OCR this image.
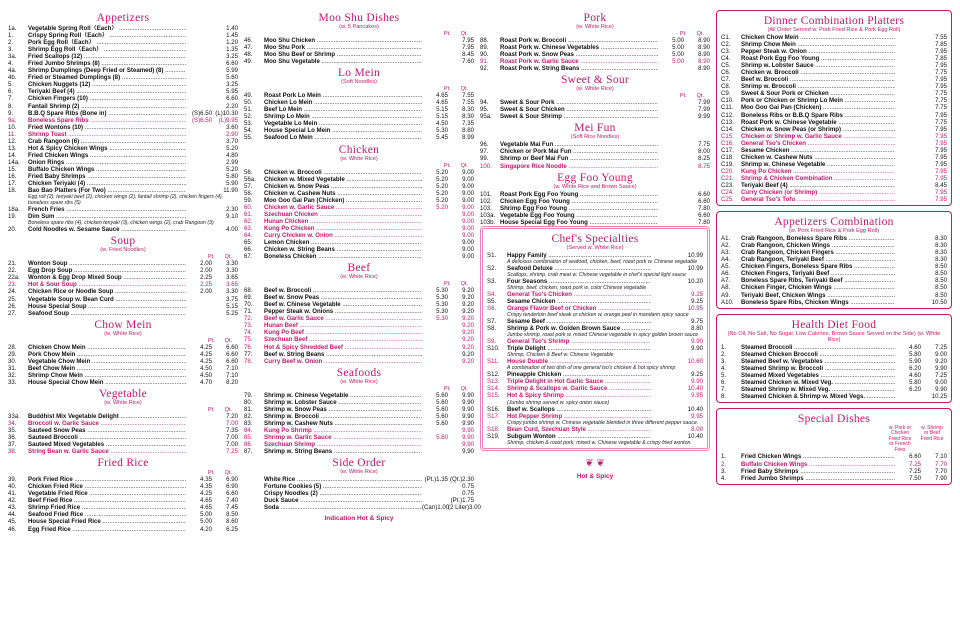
Appetizers
1a.	Vegetable Spring Roll（Each） .....	1.40
1.	Crispy Spring Roll（Each） .....	1.45
2.	Pork Egg Roll（Each） .....	1.20
3.	Shrimp Egg Roll（Each） .....	1.35
3a.	Fried Scallops (12) .....	3.25
4.	Fried Jumbo Shrimps (8) .....	6.60
4a.	Shrimp Dumplings (Deep Fried or Steamed) (8) .....	5.99
4b.	Fried or Steamed Dumplings (8) .....	5.60
5.	Chicken Nuggets (12) .....	3.25
6.	Teriyaki Beef (4) .....	5.95
7.	Chicken Fingers (10) .....	6.60
8.	Fantail Shrimp (2) .....	2.20
9.	B.B.Q Spare Ribs (Bone in) .....	(S)6.50 (L)10.30
9a.	Boneless Spare Ribs .....	(S)6.50	(L)9.95
10.	Fried Wontons (10) .....	3.60
11.	Shrimp Toast .....	2.90
12.	Crab Rangoon (6) .....	3.70
13.	Hot & Spicy Chicken Wings .....	5.20
14.	Fried Chicken Wings .....	4.80
14a.	Onion Rings .....	2.99
15.	Buffalo Chicken Wings .....	5.20
16.	Fried Baby Shrimps .....	5.80
17.	Chicken Teriyaki (4) .....	5.90
18.	Bao Bao Platters (For Two) .....	11.90
Egg roll (2), teriyaki beef (2), chicken wings (2), fantail shrimp (2), chicken fingers (4), boneless spare ribs (5)
18a.	French Fries .....	2.30
19.	Dim Sum .....	9.10
Boneless spare ribs (4), chicken teriyaki (3), chicken wings (2), crab Rangoon (3)
20.	Cold Noodles w. Sesame Sauce .....	4.00
Soup
(w. Fried Noodles)
Pt. Qt.
21.	Wonton Soup .....	2.00	3.30
22.	Egg Drop Soup .....	2.00	3.30
22a.	Wonton & Egg Drop Mixed Soup .....	2.25	3.65
23.	Hot & Sour Soup .....	2.25	3.65
24.	Chicken Rice or Noodle Soup .....	2.00	3.30
25.	Vegetable Soup w. Bean Curd .....	3.75
26.	House Special Soup .....	5.15
27.	Seafood Soup .....	5.25
Chow Mein
(w. White Rice)
Pt. Qt.
28.	Chicken Chow Mein .....	4.25	6.60
29.	Pork Chow Mein .....	4.25	6.60
30.	Vegetable Chow Mein .....	4.25	6.60
31.	Beef Chow Mein .....	4.50	7.10
32.	Shrimp Chow Mein .....	4.50	7.10
33.	House Special Chow Mein .....	4.70	8.20
Vegetable
(w. White Rice)
Pt. Qt.
33a.	Buddhist Mix Vegetable Delight .....	7.20
34.	Broccoli w. Garlic Sauce .....	7.00
35.	Sauteed Snow Peas .....	7.35
36.	Sauteed Broccoli .....	7.00
37.	Sauteed Mixed Vegetables .....	7.00
38.	String Bean w. Garlic Sauce .....	7.25
Fried Rice
Pt. Qt.
39.	Pork Fried Rice .....	4.35	6.90
40.	Chicken Fried Rice .....	4.35	6.90
41.	Vegetable Fried Rice .....	4.25	6.60
42.	Beef Fried Rice .....	4.65	7.40
43.	Shrimp Fried Rice .....	4.65	7.45
44.	Seafood Fried Rice .....	5.00	8.50
45.	House Special Fried Rice .....	5.00	8.60
46.	Egg Fried Rice .....	4.20	6.25
Moo Shu Dishes
(w. 5 Pancakes)
Pt. Qt.
46.	Moo Shu Chicken .....	7.95
47.	Moo Shu Pork .....	7.95
48.	Moo Shu Beef or Shrimp .....	8.45
49.	Moo Shu Vegetable .....	7.60
Lo Mein
(Soft Noodles)
Pt. Qt.
49.	Roast Pork Lo Mein .....	4.65	7.55
50.	Chicken Lo Mein .....	4.65	7.55
51.	Beef Lo Mein .....	5.15	8.30
52.	Shrimp Lo Mein .....	5.15	8.30
53.	Vegetable Lo Mein .....	4.50	7.35
54.	House Special Lo Mein .....	5.30	8.80
55.	Seafood Lo Mein .....	5.45	8.99
Chicken
(w. White Rice)
Pt. Qt.
56.	Chicken w. Broccoli .....	5.20	9.00
56a.	Chicken w. Mixed Vegetable .....	5.20	9.00
57.	Chicken w. Snow Peas .....	5.20	9.00
58.	Chicken w. Cashew Nuts .....	5.20	9.00
59.	Moo Goo Gai Pan (Chicken) .....	5.20	9.00
60.	Chicken w. Garlic Sauce .....	5.20	9.00
61.	Szechuan Chicken .....	9.00
62.	Hunan Chicken .....	9.00
63.	Kung Po Chicken .....	9.00
64.	Curry Chicken w. Onion .....	9.00
65.	Lemon Chicken .....	9.00
66.	Chicken w. String Beans .....	9.00
67.	Boneless Chicken .....	9.00
Beef
(w. White Rice)
Pt. Qt.
68.	Beef w. Broccoli .....	5.30	9.20
69.	Beef w. Snow Peas .....	5.30	9.20
70.	Beef w. Chinese Vegetable .....	5.30	9.20
71.	Pepper Steak w. Onions .....	5.30	9.20
72.	Beef w. Garlic Sauce .....	5.30	9.20
73.	Hunan Beef .....	9.20
74.	Kung Po Beef .....	9.20
75.	Szechuan Beef .....	9.20
76.	Hot & Spicy Shredded Beef .....	9.20
77.	Beef w. String Beans .....	9.20
78.	Curry Beef w. Onion .....	9.20
Seafoods
(w. White Rice)
Pt. Qt.
79.	Shrimp w. Chinese Vegetable .....	5.60	9.90
80.	Shrimp w. Lobster Sauce .....	5.60	9.90
81.	Shrimp w. Snow Peas .....	5.60	9.90
82.	Shrimp w. Broccoli .....	5.60	9.90
83.	Shrimp w. Cashew Nuts .....	5.60	9.90
84.	Kung Po Shrimp .....	9.90
85.	Shrimp w. Garlic Sauce .....	5.60	9.90
86.	Szechuan Shrimp .....	9.90
87.	Shrimp w. String Beans .....	9.90
Side Order
(w. White Rice)
White Rice .....	(Pt.)1.35 (Qt.)2.30
Fortune Cookies (5) .....	0.75
Crispy Noodles (2) .....	0.75
Duck Sauce .....	(Pt.)1.75
Soda .....	(Can)1.00
(2 Liter)3.00
Indication Hot & Spicy
Pork
(w. White Rice)
Pt. Qt.
88.	Roast Pork w. Broccoli .....	5.00	8.90
89.	Roast Pork w. Chinese Vegetables .....	5.00	8.90
90.	Roast Pork w. Snow Peas .....	5.00	8.90
91.	Roast Pork w. Garlic Sauce .....	5.00	8.90
92.	Roast Pork w. String Beans .....	8.90
Sweet & Sour
(w. White Rice)
Pt. Qt.
94.	Sweet & Sour Pork .....	7.99
95.	Sweet & Sour Chicken .....	7.99
95a.	Sweet & Sour Shrimp .....	9.99
Mei Fun
(Soft Rice Noodles)
96.	Vegetable Mai Fun .....	7.75
97.	Chicken or Pork Mai Fun .....	8.00
99.	Shrimp or Beef Mai Fun .....	8.25
100.	Singapore Rice Noodle .....	8.75
Egg Foo Young
(w. White Rice and Brown Sauce)
101.	Roast Pork Egg Foo Young .....	6.60
102.	Chicken Egg Foo Young .....	6.60
103.	Shrimp Egg Foo Young .....	7.80
103a. Vegetable Egg Foo Young .....	6.60
103b. House Special Egg Foo Young .....	7.80
Chef's Specialties
(Served w. White Rice)
S1.	Happy Family .....	10.99
A delicious combination of seafood, chicken, beef, roast pork w. Chinese vegetable
S2.	Seafood Deluxe .....	10.99
Scallops, shrimp, crab meat w. Chinese vegetable in chef's special light sauce
S3.	Four Seasons .....	10.20
Shrimp, beef, chicken, roast pork w. color Chinese vegetable
S4.	General Tso's Chicken .....	9.25
S5.	Sesame Chicken .....	9.25
S6.	Orange Flavor Beef or Chicken .....	10.95
Crispy tenderloin beef steak or chicken w. orange peel in mandarin spicy sauce
S7.	Sesame Beef .....	9.75
S8.	Shrimp & Pork w. Golden Brown Sauce .....	8.80
Jumbo shrimp, roast pork w. mixed Chinese vegetable in spicy golden brown sauce
S9.	General Tso's Shrimp .....	9.90
S10.	Triple Delight .....	9.90
Shrimp, Chicken & Beef w. Chinese Vegetable
S11.	House Double .....	10.60
A combination of two dish of one general tso's chicken & hot spicy shrimp
S12.	Pineapple Chicken .....	9.25
S13.	Triple Delight in Hot Garlic Sauce .....	9.90
S14.	Shrimp & Scallops w. Garlic Sauce .....	10.40
S15.	Hot & Spicy Shrimp .....	9.95
(Jumbo shrimp served w. spicy onion sauce)
S16.	Beef w. Scallops .....	10.40
S17.	Hot Pepper Shrimp .....	9.95
Crispy jumbo shrimp w. Chinese vegetable blended in three different pepper sauce.
S18.	Bean Curd, Szechuan Style .....	8.00
S19.	Subgum Wonton .....	10.40
Shrimp, chicken & roast pork, mixed w. Chinese vegetable & crispy fried wonton.
❦ ❦
Hot & Spicy
Dinner Combination Platters
(All Order Served w. Pork Fried Rice & Pork Egg Roll)
C1.	Chicken Chow Mein .....	7.55
C2.	Shrimp Chow Mein .....	7.85
C3.	Pepper Steak w. Onion .....	7.95
C4.	Roast Pork Egg Foo Young .....	7.85
C5.	Shrimp w. Lobster Sauce .....	7.95
C6.	Chicken w. Broccoli .....	7.75
C7.	Beef w. Broccoli .....	7.95
C8.	Shrimp w. Broccoli .....	7.95
C9.	Sweet & Sour Pork or Chicken .....	7.75
C10.	Pork or Chicken or Shrimp Lo Mein .....	7.75
C11.	Moo Goo Gai Pan (Chicken) .....	7.75
C12.	Boneless Ribs or B.B.Q Spare Ribs .....	7.95
C13.	Roast Pork w. Chinese Vegetable .....	7.75
C14.	Chicken w. Snow Peas (or Shrimp) .....	7.95
C15.	Chicken or Shrimp w. Garlic Sauce .....	7.95
C16.	General Tso's Chicken .....	7.95
C17.	Sesame Chicken .....	7.95
C18.	Chicken w. Cashew Nuts .....	7.95
C19.	Shrimp w. Chinese Vegetable .....	7.95
C20.	Kung Po Chicken .....	7.95
C21.	Shrimp & Chicken Combination .....	7.95
C23.	Teriyaki Beef (4) .....	8.45
C24.	Curry Chicken (or Shrimp) .....	7.95
C25.	General Tso's Tofu .....	7.95
Appetizers Combination
(w. Pork Fried Rice & Pork Egg Roll)
A1.	Crab Rangoon, Boneless Spare Ribs .....	8.30
A2.	Crab Rangoon, Chicken Wings .....	8.30
A3.	Crab Rangoon, Chicken Fingers .....	8.30
A4.	Crab Rangoon, Teriyaki Beef .....	8.30
A5.	Chicken Fingers, Boneless Spare Ribs .....	8.50
A6.	Chicken Fingers, Teriyaki Beef .....	8.50
A7.	Boneless Spare Ribs, Teriyaki Beef .....	8.50
A8.	Chicken Finger, Chicken Wings .....	8.50
A9.	Teriyaki Beef, Chicken Wings .....	8.50
A10.	Boneless Spare Ribs, Chicken Wings .....	10.50
Health Diet Food
(No Oil, No Salt, No Sugar, Low Calories, Brown Sauce Served on the Side) (w. White Rice)
1.	Steamed Broccoli .....	4.60	7.25
2.	Steamed Chicken Broccoli .....	5.80	9.00
3.	Steamed Beef w. Vegetables .....	5.90	9.20
4.	Steamed Shrimp w. Broccoli .....	6.20	9.90
5.	Steamed Mixed Vegetables .....	4.60	7.25
6.	Steamed Chicken w. Mixed Veg. .....	5.80	9.00
7.	Steamed Shrimp w. Mixed Veg. .....	6.20	9.90
8.	Steamed Chicken & Shrimp w. Mixed Vegs. .....	10.25
Special Dishes
w. Pork or Chicken Fried Rice or French Fries
w. Shrimp or Beef Fried Rice
1.	Fried Chicken Wings .....	6.60	7.10
2.	Buffalo Chicken Wings .....	7.25	7.70
3.	Fried Baby Shrimps .....	7.25	7.70
4.	Fried Jumbo Shrimps .....	7.50	7.90
